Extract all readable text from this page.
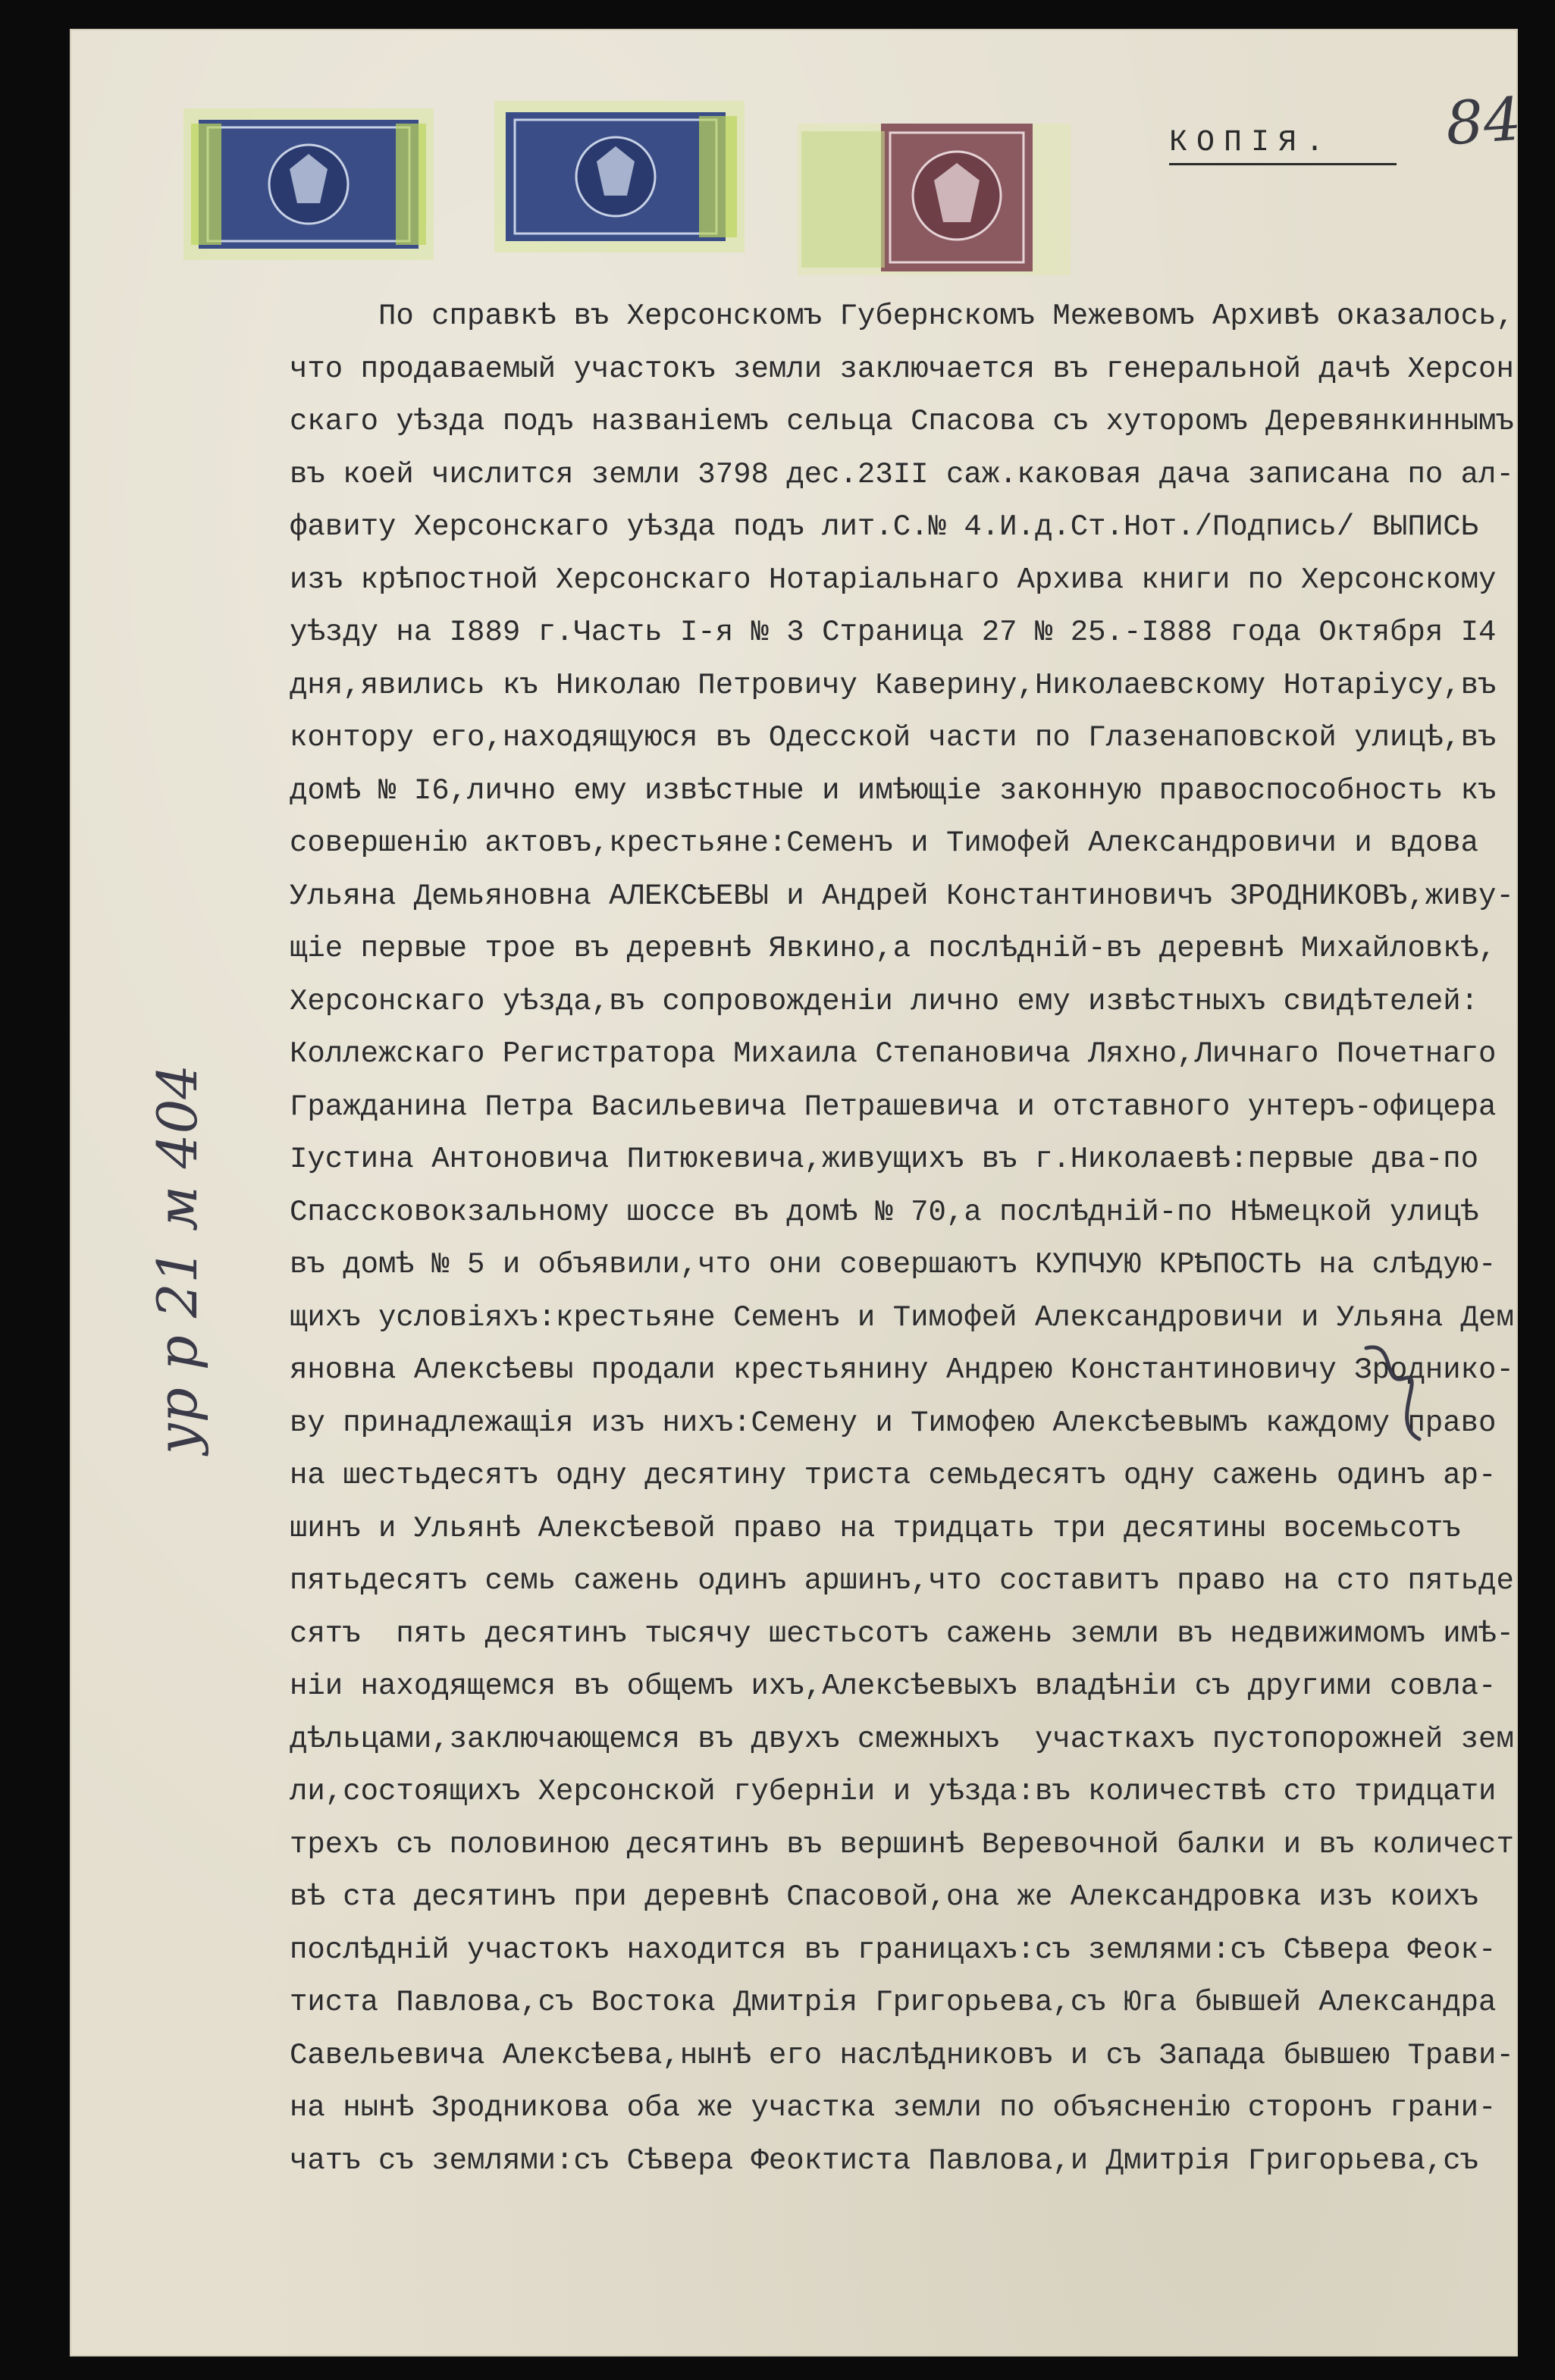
84
КОПІЯ.
По справкѣ въ Херсонскомъ Губернскомъ Межевомъ Архивѣ оказалось,
что продаваемый участокъ земли заключается въ генеральной дачѣ Херсон
скаго уѣзда подъ названіемъ сельца Спасова съ хуторомъ Деревянкиннымъ
въ коей числится земли 3798 дес.23II саж.каковая дача записана по ал-
фавиту Херсонскаго уѣзда подъ лит.С.№ 4.И.д.Ст.Нот./Подпись/ ВЫПИСЬ
изъ крѣпостной Херсонскаго Нотаріальнаго Архива книги по Херсонскому
уѣзду на I889 г.Часть I-я № 3 Страница 27 № 25.-I888 года Октября I4
дня,явились къ Николаю Петровичу Каверину,Николаевскому Нотаріусу,въ
контору его,находящуюся въ Одесской части по Глазенаповской улицѣ,въ
домѣ № I6,лично ему извѣстные и имѣющіе законную правоспособность къ
совершенію актовъ,крестьяне:Семенъ и Тимофей Александровичи и вдова
Ульяна Демьяновна АЛЕКСѢЕВЫ и Андрей Константиновичъ ЗРОДНИКОВЪ,живу-
щіе первые трое въ деревнѣ Явкино,а послѣдній-въ деревнѣ Михайловкѣ,
Херсонскаго уѣзда,въ сопровожденіи лично ему извѣстныхъ свидѣтелей:
Коллежскаго Регистратора Михаила Степановича Ляхно,Личнаго Почетнаго
Гражданина Петра Васильевича Петрашевича и отставного унтеръ-офицера
Іустина Антоновича Питюкевича,живущихъ въ г.Николаевѣ:первые два-по
Спассковокзальному шоссе въ домѣ № 70,а послѣдній-по Нѣмецкой улицѣ
въ домѣ № 5 и объявили,что они совершаютъ КУПЧУЮ КРѢПОСТЬ на слѣдую-
щихъ условіяхъ:крестьяне Семенъ и Тимофей Александровичи и Ульяна Дем
яновна Алексѣевы продали крестьянину Андрею Константиновичу Зроднико-
ву принадлежащія изъ нихъ:Семену и Тимофею Алексѣевымъ каждому право
на шестьдесятъ одну десятину триста семьдесятъ одну сажень одинъ ар-
шинъ и Ульянѣ Алексѣевой право на тридцать три десятины восемьсотъ
пятьдесятъ семь сажень одинъ аршинъ,что составитъ право на сто пятьде
сятъ  пять десятинъ тысячу шестьсотъ сажень земли въ недвижимомъ имѣ-
ніи находящемся въ общемъ ихъ,Алексѣевыхъ владѣніи съ другими совла-
дѣльцами,заключающемся въ двухъ смежныхъ  участкахъ пустопорожней зем
ли,состоящихъ Херсонской губерніи и уѣзда:въ количествѣ сто тридцати
трехъ съ половиною десятинъ въ вершинѣ Веревочной балки и въ количест
вѣ ста десятинъ при деревнѣ Спасовой,она же Александровка изъ коихъ
послѣдній участокъ находится въ границахъ:съ землями:съ Сѣвера Феок-
тиста Павлова,съ Востока Дмитрія Григорьева,съ Юга бывшей Александра
Савельевича Алексѣева,нынѣ его наслѣдниковъ и съ Запада бывшею Трави-
на нынѣ Зродникова оба же участка земли по объясненію сторонъ грани-
чатъ съ землями:съ Сѣвера Феоктиста Павлова,и Дмитрія Григорьева,съ
ур р 21 м 404
